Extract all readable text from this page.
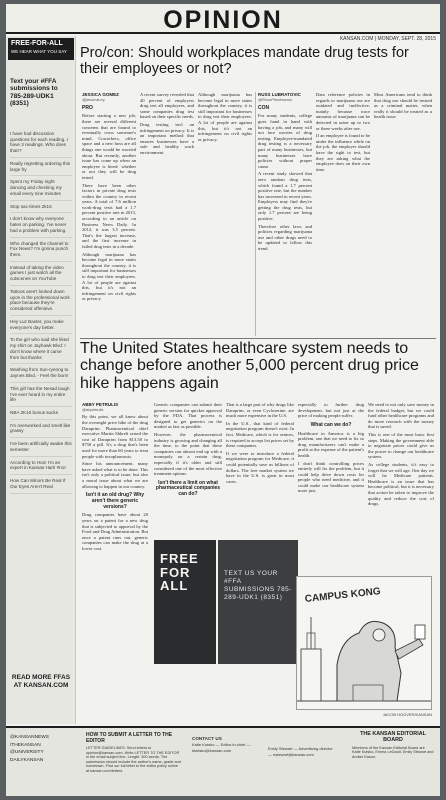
OPINION
FREE-FOR-ALL
WE HEAR WHAT YOU SAY
Text your #FFA submissions to 785-289-UDK1 (8351)
I have had discussion questions for each reading. I have 3 readings. Who does that!?
Really regretting ordering this large fry
Spent my Friday night dancing and checking my email every nine minutes
Stop sac-times 2k15
I don't know why everyone hates on parking. I've never had a problem with parking.
Who changed the channel to Fox News? I'm gonna punch them.
Instead of taking the video games I just watch all the cutscenes on YouTube
Tattoos aren't looked down upon in the professional work place because they're considered offensive.
Hey Luz Baxter, you make everyone's day better.
To the girl who said she liked my shirt on Jayhawk Blvd: I don't know where it came from but thanks
Washing from Sun-ryeong to Jaynes Blvd. - Feel the burn!
This girl has the Nesad laugh I've ever heard in my entire life
NBA 2K16 bonus sucks
I'm overworked and smelt like grassy
I've been artificially awake this semester
According to Hoo! I'm an expert in Kansas Hart! #no!
How Can Minors Be Real If Our Eyes Aren't Real
READ MORE FFAS AT KANSAN.COM
KANSAN.COM | MONDAY, SEPT. 28, 2015
Pro/con: Should workplaces mandate drug tests for their employees or not?
JESSICA GOMEZ
@jessicaLey
PRO

Before starting a new job, there are several different concerns that are bound to eventually cross someone's mind. Coworkers, office space and a new boss are all things one would be worried about. But recently, another issue has come up when an employee is hired: whether or not they will be drug tested.

There have been other factors in private drug tests within the country in recent years. A total of 7.6 million work-drug tests had a 1.7 percent positive rate in 2013, according to an article on Business News Daily. In 2012, it was 3.5 percent. That's the largest increase, and the first increase in failed drug tests in a decade.

Although marijuana has become legal in more states throughout the country, it is still important for businesses to drug test their employees. A lot of people are against this, but it's not an infringement on civil rights or privacy.

A recent survey revealed that 40 percent of employers drug test all employees, and some companies drug test based on their specific needs.

Drug testing isn't an infringement on privacy. It is an important method that ensures businesses have a safe and healthy work environment.

Although marijuana has become legal in more states throughout the country, it is still important for businesses to drug test their employees. A lot of people are against this, but it's not an infringement on civil rights or privacy.

RUSS LUBRATOVIC
@RussPendrowski
CON

For many students, college goes hand in hand with having a job, and many will not face worries of drug testing. Employee-mandated drug testing is a necessary part of many businesses, but many businesses have policies without proper cause.

A recent study showed that zero random drug tests, which found a 1.7 percent positive rate, but the number has increased in recent years. Employers may find they're getting the drug tests, but only 1.7 percent are being positive.

Therefore other laws and policies regarding marijuana use and other drugs need to be updated to follow this trend.

Data reference policies in regards to marijuana use are outdated and ineffective, mainly because trace amounts of marijuana can be detected in urine up to two or three weeks after use.

If an employee is found to be under the influence while on the job, the employer should have the right to test, but they are asking what the employee does on their own time.

Most Americans tend to think that drug use should be treated as a criminal matter, when really it should be treated as a health issue.

The United States healthcare system needs to change before another 5,000 percent drug price hike happens again
ABBY PETRULIS
@abpetrulis

By this point, we all know about the overnight price hike of the drug Daraprim. Pharmaceutical chief executive Martin Shkreli raised the cost of Daraprim from $13.50 to $750 a pill. It's a drug that's been used for more than 60 years to treat people with toxoplasmosis.

Since his announcement, many have asked what is to be done. This isn't only a political issue, but also a moral issue about what we are allowing to happen in our country.

Isn't it an old drug? Why aren't there generic versions?

Drug companies have about 20 years on a patent for a new drug that is subjected to approval by the Food and Drug Administration. But once a patent runs out, generic companies can make the drug at a lower cost.

Generic companies can submit their generic version for quicker approval by the FDA. That process is designed to get generics on the market as fast as possible.

However, the pharmaceutical industry is growing and changing all the time, to the point that these companies can almost end up with a monopoly on a certain drug, especially if it's older and still considered one of the most effective treatment options.

Isn't there a limit on what pharmaceutical companies can do?

That is a large part of why drugs like Daraprim, or even Cycloserine, are much more expensive in the U.S.

In the U.S., that kind of federal negotiation program doesn't exist. In fact, Medicare, which is for seniors, is required to accept list prices set by these companies.

If we were to introduce a federal negotiation program for Medicare, it could potentially save us billions of dollars. The free market system we have in the U.S. is great in most cases.

especially to further drug development, but not just at the price of making people suffer.

What can we do?

Healthcare in America is a big problem, one that we need to fix so drug manufacturers can't make a profit at the expense of the patient's health.

I don't think controlling prices entirely will fix the problem, but it could help drive down costs for people who need medicine, and it could make our healthcare system more just.

We need to not only save money in the federal budget, but we could fund other healthcare programs and do more research with the money that is saved.

This is one of the most basic first steps. Making the government able to negotiate prices could give us the power to change our healthcare system.

As college students, it's easy to forget that we will age. One day we will be Medicare patients. Healthcare is an issue that has become political, but it is necessary that action be taken to improve the quality and reduce the cost of drugs.

FREE FOR ALL
TEXT US YOUR #FFA SUBMISSIONS 785-289-UDK1 (8351)	CAMPUS KONG
JACOB HOOVER/KANSAN
@KANSANNEWS
/THEKANSAN
@UNIVERSITY DAILYKANSAN
HOW TO SUBMIT A LETTER TO THE EDITOR
LETTER GUIDELINES: Send letters to opinion@kansan.com. Write LETTER TO THE EDITOR in the email subject line. Length: 300 words. The submission should include the author's name, grade and hometown. Find our full letter to the editor policy online at kansan.com/letters.
CONTACT US
Katie Kutsko — Editor-in-chief — kkutsko@kansan.com	Emily Stewart — Advertising director — estewart@kansan.com
THE KANSAN EDITORIAL BOARD
Members of the Kansan Editorial Board are Katie Kutsko, Emma LeGault, Emily Stewart and Amber Eason.
